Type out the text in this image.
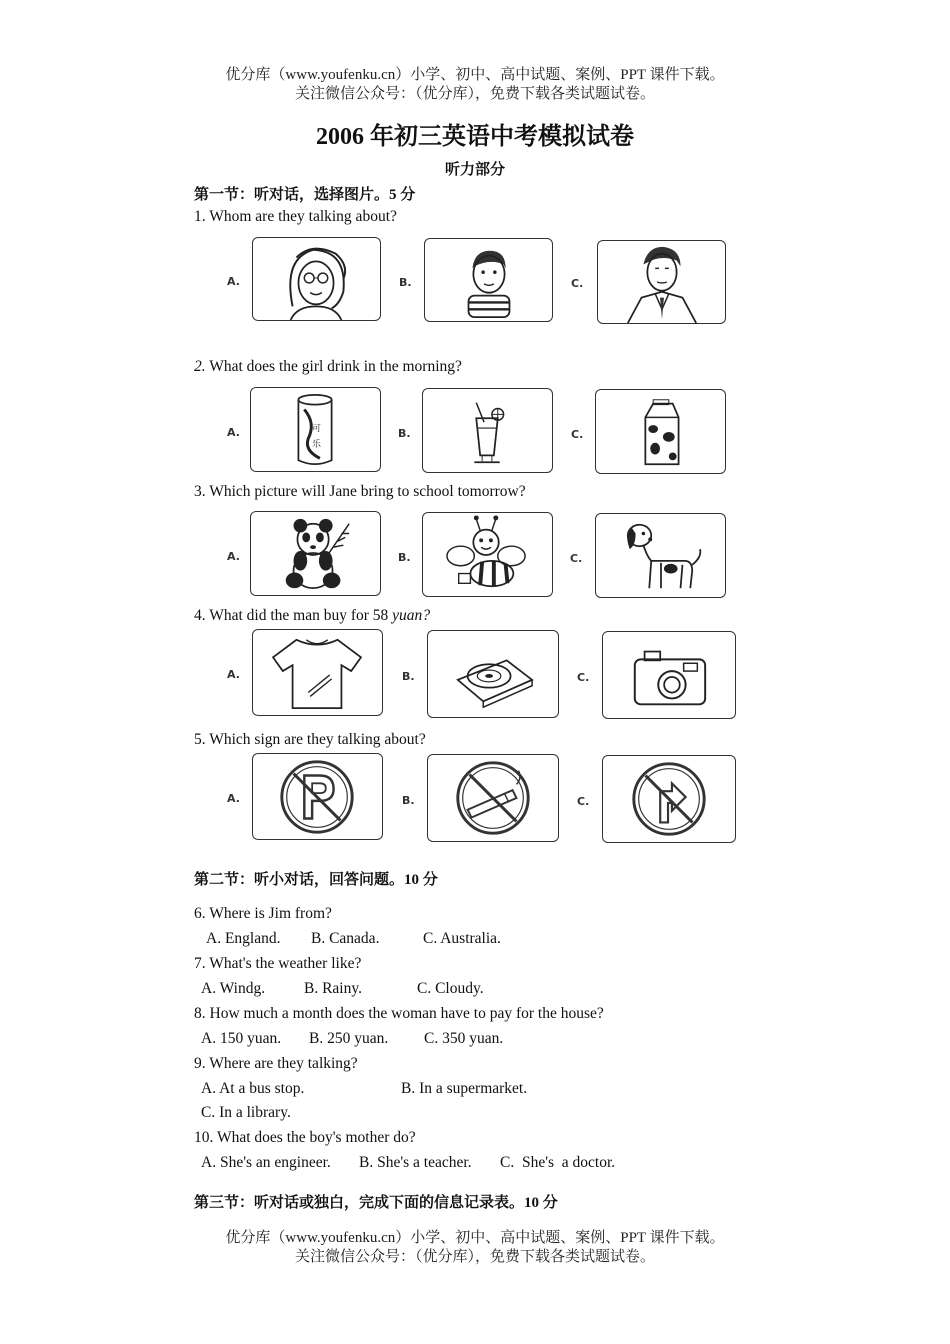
优分库（www.youfenku.cn）小学、初中、高中试题、案例、PPT 课件下载。
关注微信公众号：（优分库），免费下载各类试题试卷。
2006 年初三英语中考模拟试卷
听力部分
第一节：听对话，选择图片。5 分
1. Whom are they talking about?
A.	B.	C.
2. What does the girl drink in the morning?
A.	可
乐
B.	C.
3. Which picture will Jane bring to school tomorrow?
A.	B.	C.
4. What did the man buy for 58 yuan?
A.	B.	C.
5. Which sign are they talking about?
A.	B.	C.
第二节：听小对话，回答问题。10 分
6. Where is Jim from?
A. England. B. Canada.	C. Australia.
7. What's the weather like?
A. Windg.	B. Rainy.	C. Cloudy.
8. How much a month does the woman have to pay for the house?
A. 150 yuan. B. 250 yuan. C. 350 yuan.
9. Where are they talking?
A. At a bus stop.	B. In a supermarket.
C. In a library.
10. What does the boy's mother do?
A. She's an engineer. B. She's a teacher. C.  She's  a doctor.
第三节：听对话或独白，完成下面的信息记录表。10 分
优分库（www.youfenku.cn）小学、初中、高中试题、案例、PPT 课件下载。
关注微信公众号：（优分库），免费下载各类试题试卷。
